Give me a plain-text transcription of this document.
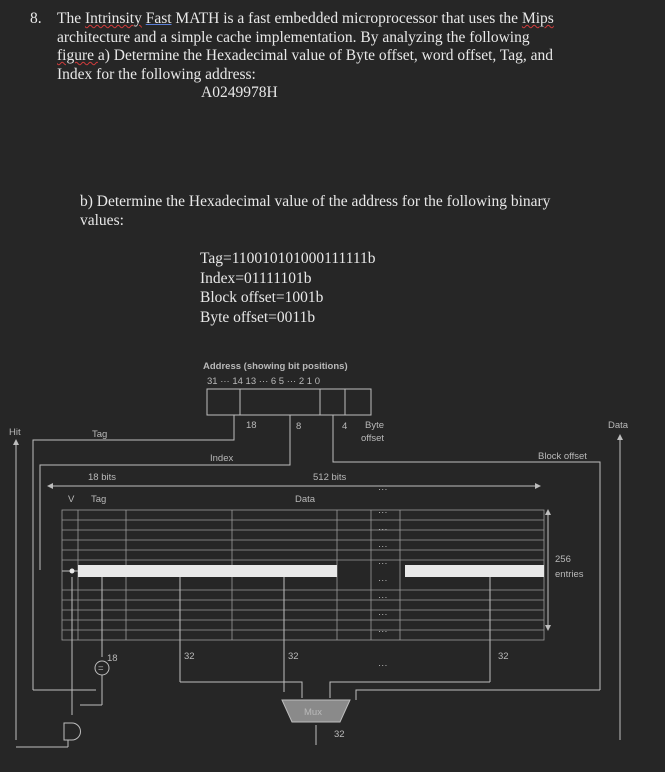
8. The Intrinsity Fast MATH is a fast embedded microprocessor that uses the Mips
architecture and a simple cache implementation. By analyzing the following
figure a) Determine the Hexadecimal value of Byte offset, word offset, Tag, and
Index for the following address:
A0249978H
b) Determine the Hexadecimal value of the address for the following binary
values:
Tag=110010101000111111b
Index=01111101b
Block offset=1001b
Byte offset=0011b
Address (showing bit positions)
31 ··· 14 13 ··· 6 5 ··· 2 1 0
Hit	Tag
Data
Index
Byte
offset
Block offset
18	8	4
18 bits	512 bits
V Tag	Data
256
entries
···
···
···
···
···
···
···
···
···
···
=
Mux
32
18	32	32	32
